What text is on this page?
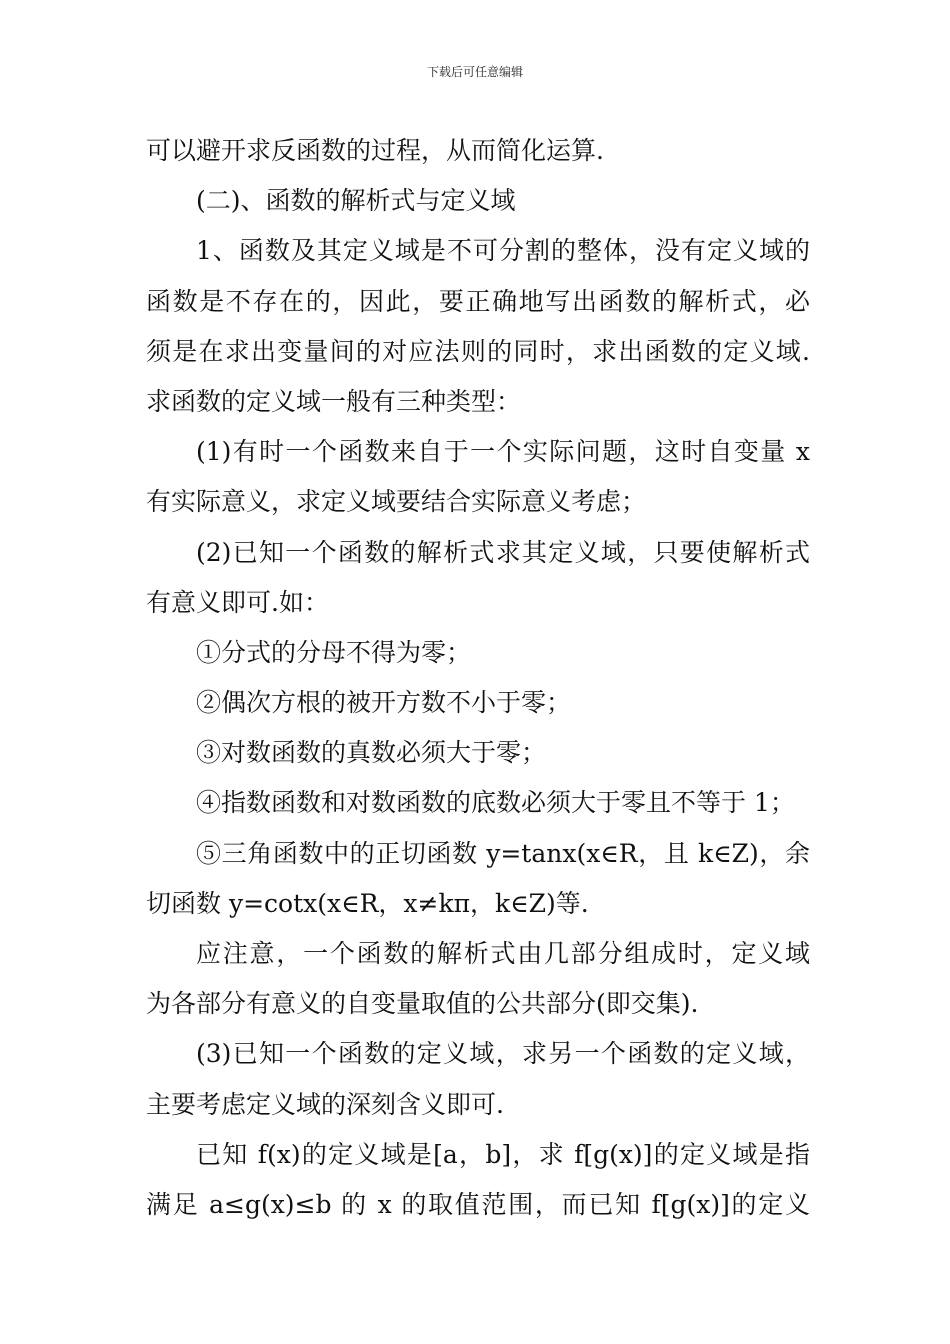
下载后可任意编辑
可以避开求反函数的过程，从而简化运算.
(二)、函数的解析式与定义域
1、函数及其定义域是不可分割的整体，没有定义域的
函数是不存在的，因此，要正确地写出函数的解析式，必
须是在求出变量间的对应法则的同时，求出函数的定义域.
求函数的定义域一般有三种类型：
(1)有时一个函数来自于一个实际问题，这时自变量 x
有实际意义，求定义域要结合实际意义考虑；
(2)已知一个函数的解析式求其定义域，只要使解析式
有意义即可.如：
①分式的分母不得为零；
②偶次方根的被开方数不小于零；
③对数函数的真数必须大于零；
④指数函数和对数函数的底数必须大于零且不等于 1；
⑤三角函数中的正切函数 y=tanx(x∈R，且 k∈Z)，余
切函数 y=cotx(x∈R，x≠kπ，k∈Z)等.
应注意，一个函数的解析式由几部分组成时，定义域
为各部分有意义的自变量取值的公共部分(即交集).
(3)已知一个函数的定义域，求另一个函数的定义域，
主要考虑定义域的深刻含义即可.
已知 f(x)的定义域是[a，b]，求 f[g(x)]的定义域是指
满足 a≤g(x)≤b 的 x 的取值范围，而已知 f[g(x)]的定义
